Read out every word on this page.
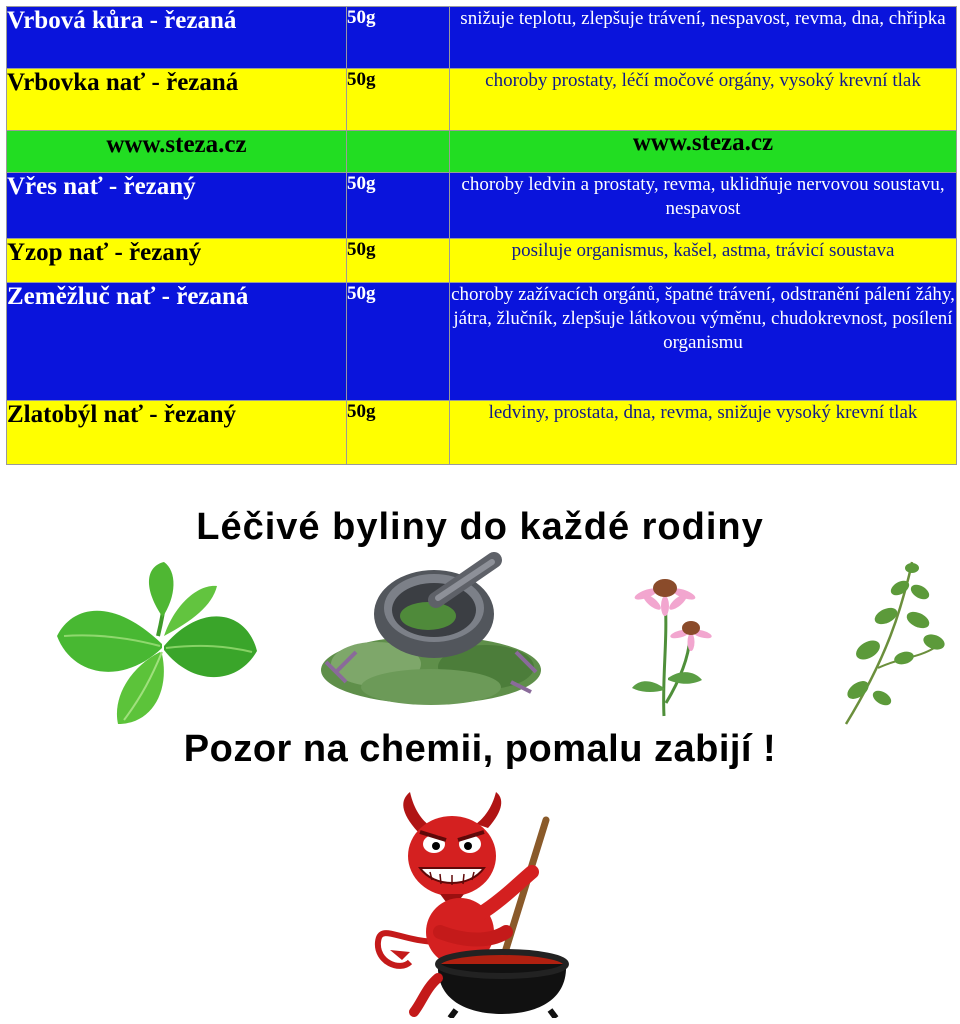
Vrbová kůra - řezaná	50g	snižuje teplotu, zlepšuje trávení, nespavost, revma, dna, chřipka
Vrbovka nať - řezaná	50g	choroby prostaty, léčí močové orgány, vysoký krevní tlak
www.steza.cz		www.steza.cz
Vřes nať - řezaný	50g	choroby ledvin a prostaty, revma, uklidňuje nervovou soustavu, nespavost
Yzop nať - řezaný	50g	posiluje organismus, kašel, astma, trávicí soustava
Zeměžluč nať - řezaná	50g	choroby zažívacích orgánů, špatné trávení, odstranění pálení žáhy, játra, žlučník, zlepšuje látkovou výměnu, chudokrevnost, posílení organismu
Zlatobýl nať - řezaný	50g	ledviny, prostata, dna, revma, snižuje vysoký krevní tlak
Léčivé byliny do každé rodiny
Pozor na chemii, pomalu zabijí !
